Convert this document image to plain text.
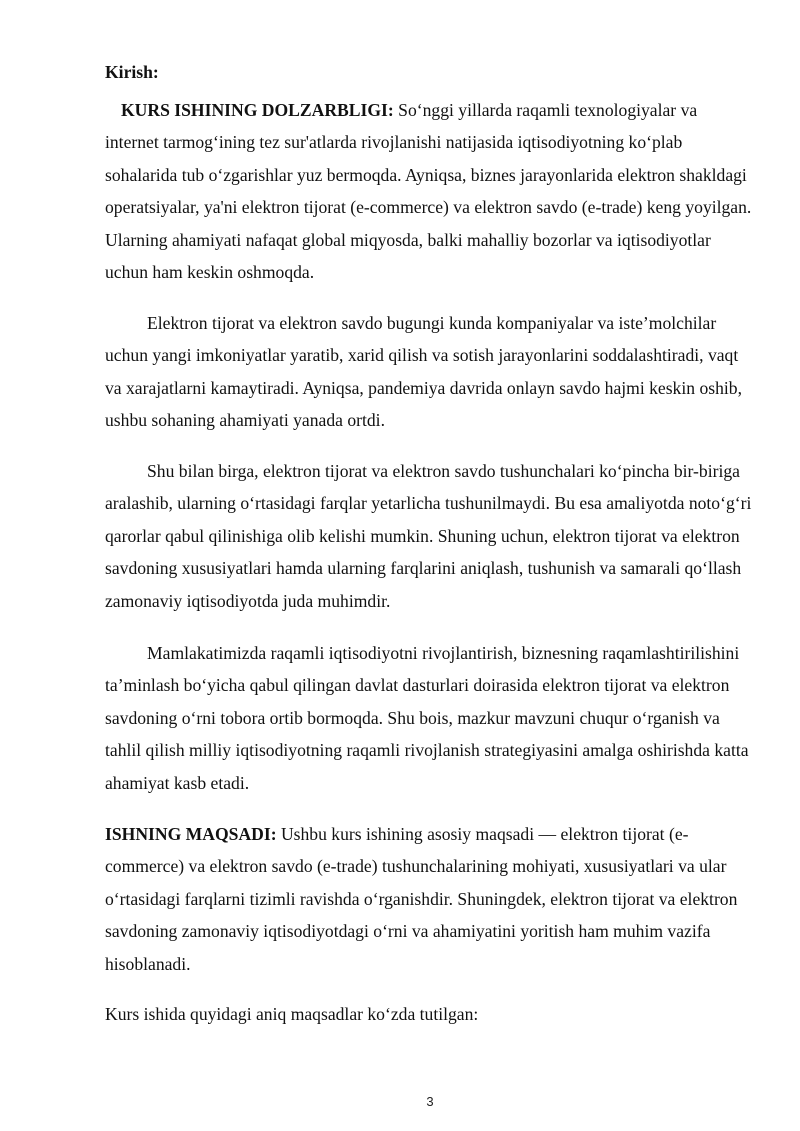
Kirish:

KURS ISHINING DOLZARBLIGI: So‘nggi yillarda raqamli texnologiyalar va internet tarmog‘ining tez sur'atlarda rivojlanishi natijasida iqtisodiyotning ko‘plab sohalarida tub o‘zgarishlar yuz bermoqda. Ayniqsa, biznes jarayonlarida elektron shakldagi operatsiyalar, ya'ni elektron tijorat (e-commerce) va elektron savdo (e-trade) keng yoyilgan. Ularning ahamiyati nafaqat global miqyosda, balki mahalliy bozorlar va iqtisodiyotlar uchun ham keskin oshmoqda.

Elektron tijorat va elektron savdo bugungi kunda kompaniyalar va iste’molchilar uchun yangi imkoniyatlar yaratib, xarid qilish va sotish jarayonlarini soddalashtiradi, vaqt va xarajatlarni kamaytiradi. Ayniqsa, pandemiya davrida onlayn savdo hajmi keskin oshib, ushbu sohaning ahamiyati yanada ortdi.

Shu bilan birga, elektron tijorat va elektron savdo tushunchalari ko‘pincha bir-biriga aralashib, ularning o‘rtasidagi farqlar yetarlicha tushunilmaydi. Bu esa amaliyotda noto‘g‘ri qarorlar qabul qilinishiga olib kelishi mumkin. Shuning uchun, elektron tijorat va elektron savdoning xususiyatlari hamda ularning farqlarini aniqlash, tushunish va samarali qo‘llash zamonaviy iqtisodiyotda juda muhimdir.

Mamlakatimizda raqamli iqtisodiyotni rivojlantirish, biznesning raqamlashtirilishini ta’minlash bo‘yicha qabul qilingan davlat dasturlari doirasida elektron tijorat va elektron savdoning o‘rni tobora ortib bormoqda. Shu bois, mazkur mavzuni chuqur o‘rganish va tahlil qilish milliy iqtisodiyotning raqamli rivojlanish strategiyasini amalga oshirishda katta ahamiyat kasb etadi.

ISHNING MAQSADI: Ushbu kurs ishining asosiy maqsadi — elektron tijorat (e-commerce) va elektron savdo (e-trade) tushunchalarining mohiyati, xususiyatlari va ular o‘rtasidagi farqlarni tizimli ravishda o‘rganishdir. Shuningdek, elektron tijorat va elektron savdoning zamonaviy iqtisodiyotdagi o‘rni va ahamiyatini yoritish ham muhim vazifa hisoblanadi.

Kurs ishida quyidagi aniq maqsadlar ko‘zda tutilgan:

3
